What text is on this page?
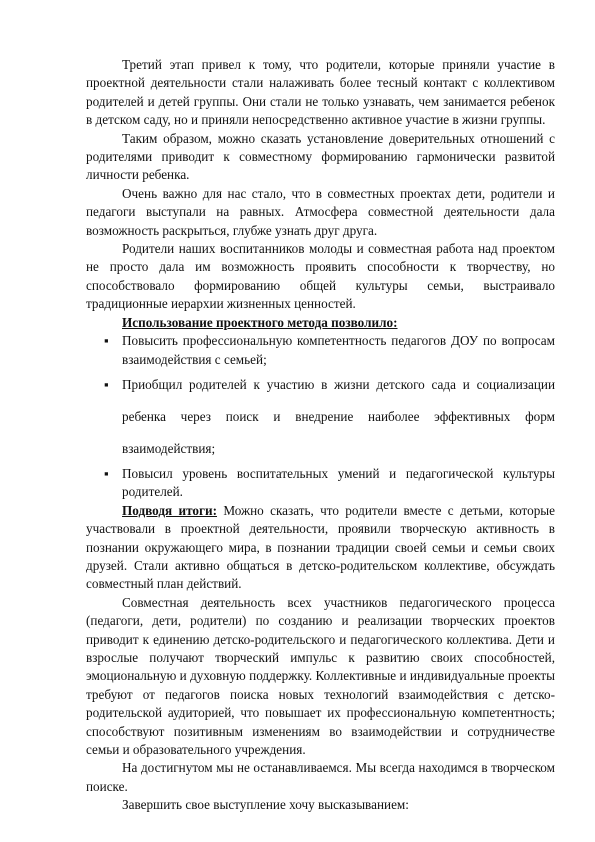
Третий этап привел к тому, что родители, которые приняли участие в проектной деятельности стали налаживать более тесный контакт с коллективом родителей и детей группы. Они стали не только узнавать, чем занимается ребенок в детском саду, но и приняли непосредственно активное участие в жизни группы.

Таким образом, можно сказать установление доверительных отношений с родителями приводит к совместному формированию гармонически развитой личности ребенка.

Очень важно для нас стало, что в совместных проектах дети, родители и педагоги выступали на равных. Атмосфера совместной деятельности дала возможность раскрыться, глубже узнать друг друга.

Родители наших воспитанников молоды и совместная работа над проектом не просто дала им возможность проявить способности к творчеству, но способствовало формированию общей культуры семьи, выстраивало традиционные иерархии жизненных ценностей.

Использование проектного метода позволило:

▪ Повысить профессиональную компетентность педагогов ДОУ по вопросам взаимодействия с семьей;
▪ Приобщил родителей к участию в жизни детского сада и социализации ребенка через поиск и внедрение наиболее эффективных форм взаимодействия;
▪ Повысил уровень воспитательных умений и педагогической культуры родителей.

Подводя итоги: Можно сказать, что родители вместе с детьми, которые участвовали в проектной деятельности, проявили творческую активность в познании окружающего мира, в познании традиции своей семьи и семьи своих друзей. Стали активно общаться в детско-родительском коллективе, обсуждать совместный план действий.

Совместная деятельность всех участников педагогического процесса (педагоги, дети, родители) по созданию и реализации творческих проектов приводит к единению детско-родительского и педагогического коллектива. Дети и взрослые получают творческий импульс к развитию своих способностей, эмоциональную и духовную поддержку. Коллективные и индивидуальные проекты требуют от педагогов поиска новых технологий взаимодействия с детско-родительской аудиторией, что повышает их профессиональную компетентность; способствуют позитивным изменениям во взаимодействии и сотрудничестве семьи и образовательного учреждения.

На достигнутом мы не останавливаемся. Мы всегда находимся в творческом поиске.

Завершить свое выступление хочу высказыванием:
